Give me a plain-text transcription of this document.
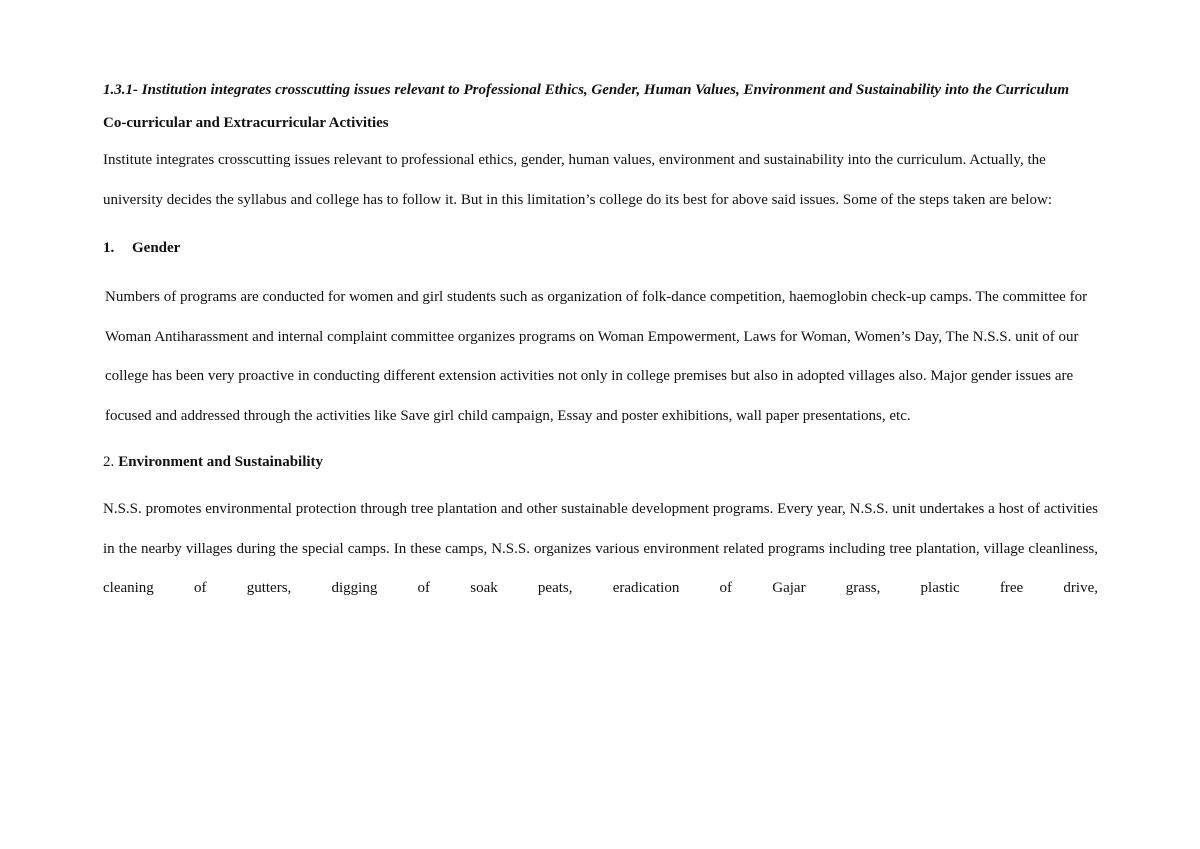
1.3.1- Institution integrates crosscutting issues relevant to Professional Ethics, Gender, Human Values, Environment and Sustainability into the Curriculum

Co-curricular and Extracurricular Activities

Institute integrates crosscutting issues relevant to professional ethics, gender, human values, environment and sustainability into the curriculum. Actually, the university decides the syllabus and college has to follow it. But in this limitation’s college do its best for above said issues. Some of the steps taken are below:

1.	Gender

Numbers of programs are conducted for women and girl students such as organization of folk-dance competition, haemoglobin check-up camps. The committee for Woman Antiharassment and internal complaint committee organizes programs on Woman Empowerment, Laws for Woman, Women’s Day, The N.S.S. unit of our college has been very proactive in conducting different extension activities not only in college premises but also in adopted villages also. Major gender issues are focused and addressed through the activities like Save girl child campaign, Essay and poster exhibitions, wall paper presentations, etc.

2. Environment and Sustainability

N.S.S. promotes environmental protection through tree plantation and other sustainable development programs. Every year, N.S.S. unit undertakes a host of activities in the nearby villages during the special camps. In these camps, N.S.S. organizes various environment related programs including tree plantation, village cleanliness, cleaning of gutters, digging of soak peats, eradication of Gajar grass, plastic free drive,
